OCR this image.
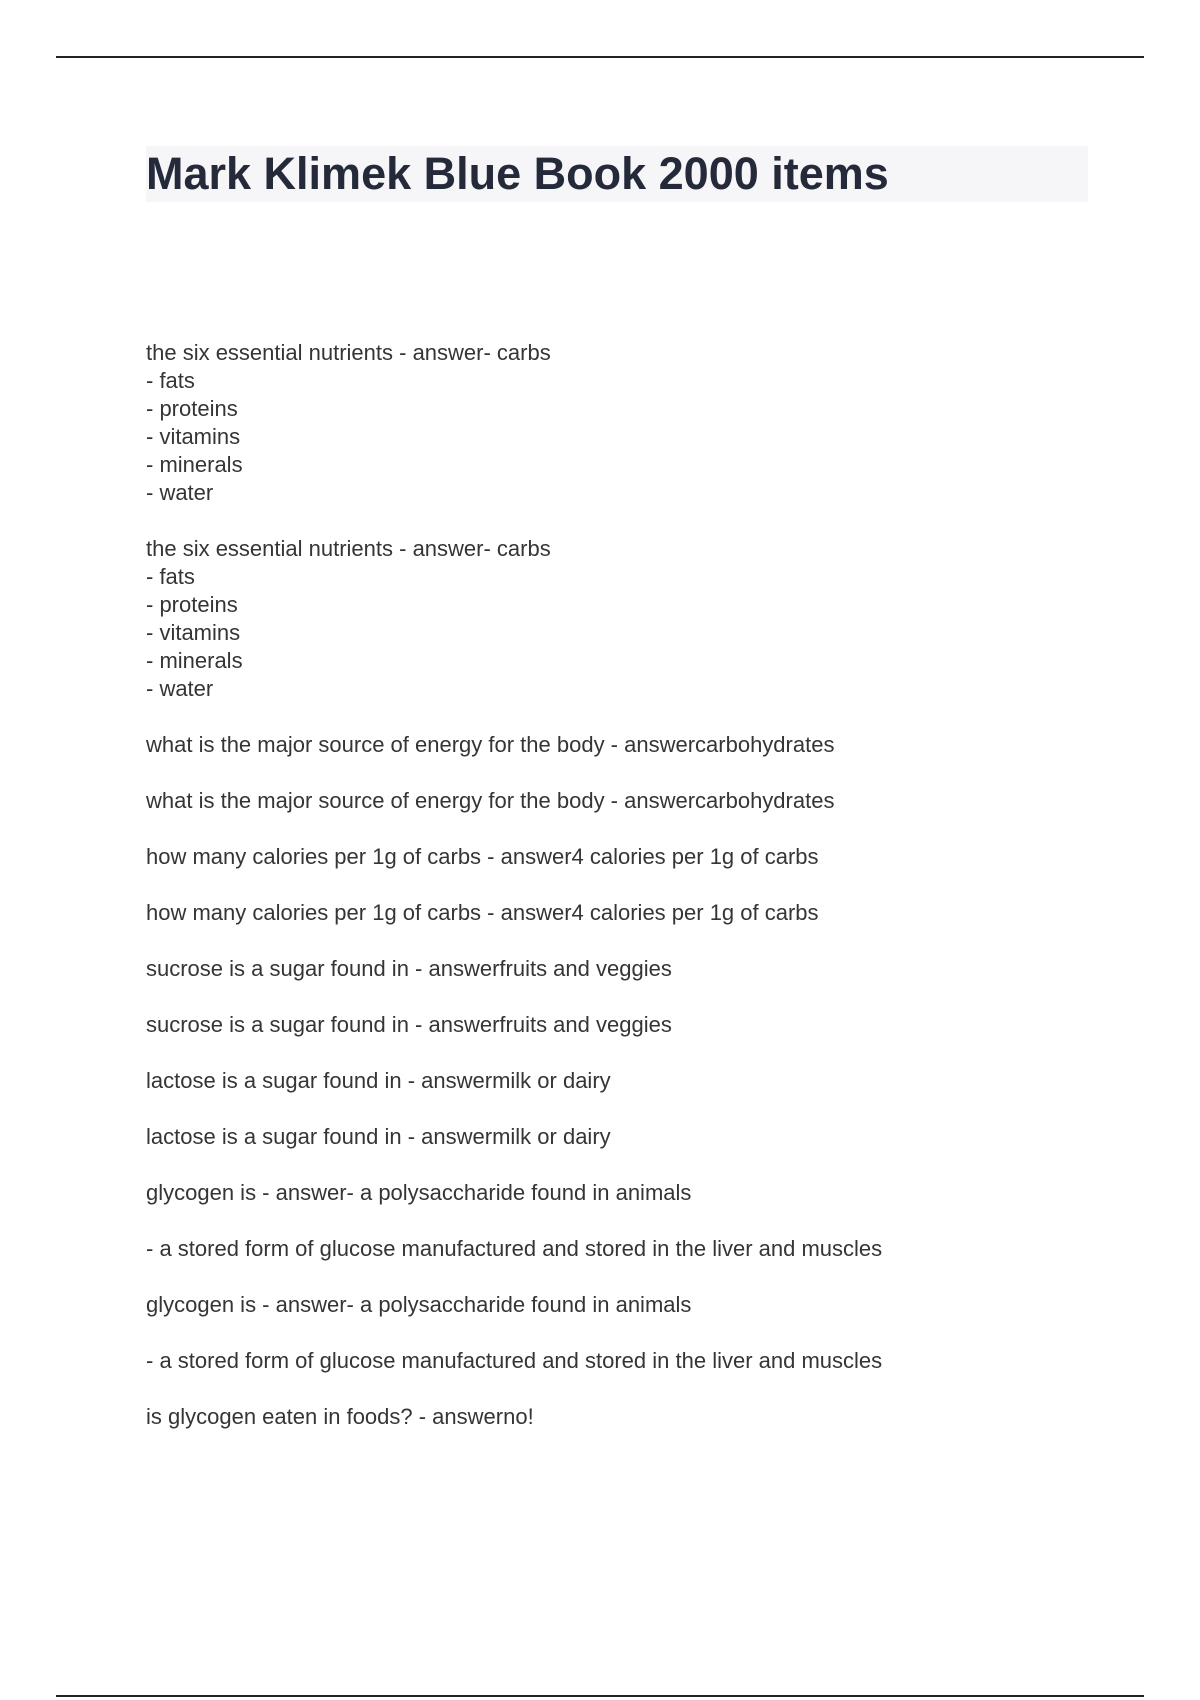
Mark Klimek Blue Book 2000 items

the six essential nutrients - answer- carbs
- fats
- proteins
- vitamins
- minerals
- water

the six essential nutrients - answer- carbs
- fats
- proteins
- vitamins
- minerals
- water

what is the major source of energy for the body - answercarbohydrates

what is the major source of energy for the body - answercarbohydrates

how many calories per 1g of carbs - answer4 calories per 1g of carbs

how many calories per 1g of carbs - answer4 calories per 1g of carbs

sucrose is a sugar found in - answerfruits and veggies

sucrose is a sugar found in - answerfruits and veggies

lactose is a sugar found in - answermilk or dairy

lactose is a sugar found in - answermilk or dairy

glycogen is - answer- a polysaccharide found in animals

- a stored form of glucose manufactured and stored in the liver and muscles

glycogen is - answer- a polysaccharide found in animals

- a stored form of glucose manufactured and stored in the liver and muscles

is glycogen eaten in foods? - answerno!
